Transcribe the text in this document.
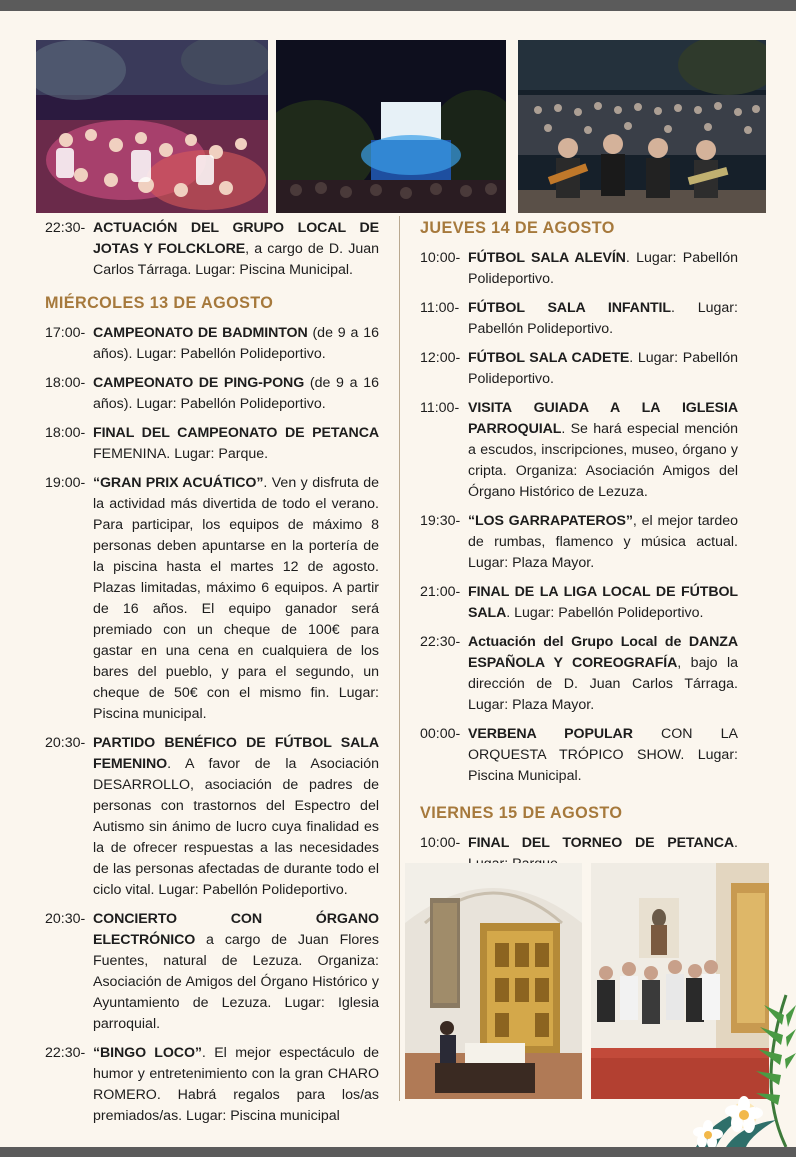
22:30- ACTUACIÓN DEL GRUPO LOCAL DE JOTAS Y FOLCKLORE, a cargo de D. Juan Carlos Tárraga. Lugar: Piscina Municipal.
MIÉRCOLES 13 DE AGOSTO
17:00- CAMPEONATO DE BADMINTON (de 9 a 16 años). Lugar: Pabellón Polideportivo.
18:00- CAMPEONATO DE PING-PONG (de 9 a 16 años). Lugar: Pabellón Polideportivo.
18:00- FINAL DEL CAMPEONATO DE PETANCA FEMENINA. Lugar: Parque.
19:00- “GRAN PRIX ACUÁTICO”. Ven y disfruta de la actividad más divertida de todo el verano. Para participar, los equipos de máximo 8 personas deben apuntarse en la portería de la piscina hasta el martes 12 de agosto. Plazas limitadas, máximo 6 equipos. A partir de 16 años. El equipo ganador será premiado con un cheque de 100€ para gastar en una cena en cualquiera de los bares del pueblo, y para el segundo, un cheque de 50€ con el mismo fin. Lugar: Piscina municipal.
20:30- PARTIDO BENÉFICO DE FÚTBOL SALA FEMENINO. A favor de la Asociación DESARROLLO, asociación de padres de personas con trastornos del Espectro del Autismo sin ánimo de lucro cuya finalidad es la de ofrecer respuestas a las necesidades de las personas afectadas de durante todo el ciclo vital. Lugar: Pabellón Polideportivo.
20:30- CONCIERTO CON ÓRGANO ELECTRÓNICO a cargo de Juan Flores Fuentes, natural de Lezuza. Organiza: Asociación de Amigos del Órgano Histórico y Ayuntamiento de Lezuza. Lugar: Iglesia parroquial.
22:30- “BINGO LOCO”. El mejor espectáculo de humor y entretenimiento con la gran CHARO ROMERO. Habrá regalos para los/as premiados/as. Lugar: Piscina municipal
JUEVES 14 DE AGOSTO
10:00- FÚTBOL SALA ALEVÍN. Lugar: Pabellón Polideportivo.
11:00- FÚTBOL SALA INFANTIL. Lugar: Pabellón Polideportivo.
12:00- FÚTBOL SALA CADETE. Lugar: Pabellón Polideportivo.
11:00- VISITA GUIADA A LA IGLESIA PARROQUIAL. Se hará especial mención a escudos, inscripciones, museo, órgano y cripta. Organiza: Asociación Amigos del Órgano Histórico de Lezuza.
19:30- “LOS GARRAPATEROS”, el mejor tardeo de rumbas, flamenco y música actual. Lugar: Plaza Mayor.
21:00- FINAL DE LA LIGA LOCAL DE FÚTBOL SALA. Lugar: Pabellón Polideportivo.
22:30- Actuación del Grupo Local de DANZA ESPAÑOLA Y COREOGRAFÍA, bajo la dirección de D. Juan Carlos Tárraga. Lugar: Plaza Mayor.
00:00- VERBENA POPULAR CON LA ORQUESTA TRÓPICO SHOW. Lugar: Piscina Municipal.
VIERNES 15 DE AGOSTO
10:00- FINAL DEL TORNEO DE PETANCA.
